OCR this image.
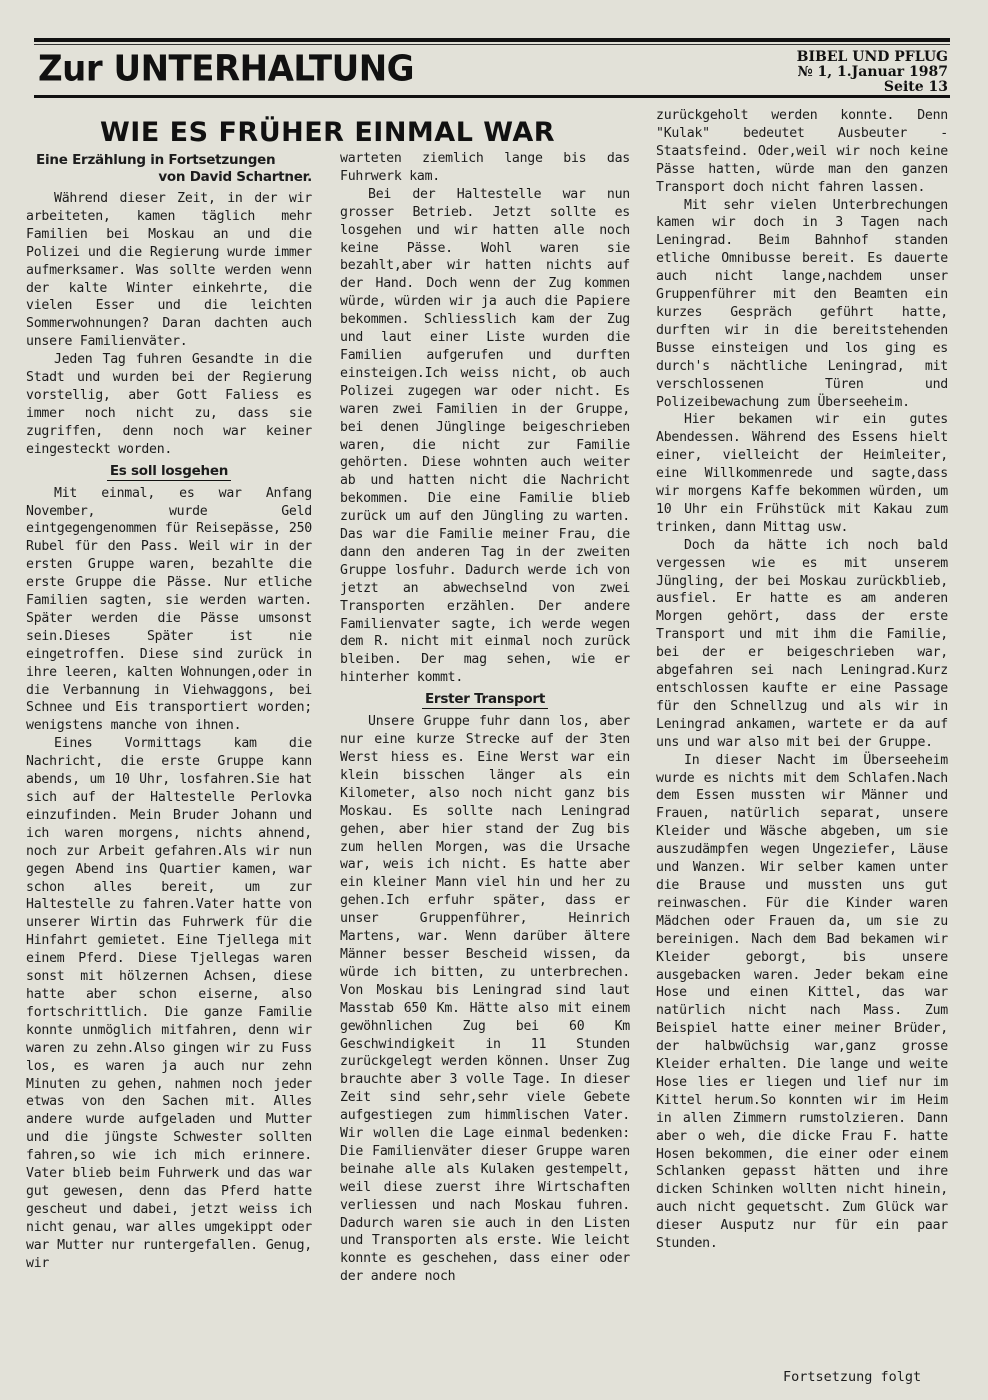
Zur UNTERHALTUNG	BIBEL UND PFLUG
№ 1, 1.Januar 1987
Seite 13
WIE ES FRÜHER EINMAL WAR
Eine Erzählung in Fortsetzungen
von David Schartner.

Während dieser Zeit, in der wir arbeiteten, kamen täglich mehr Familien bei Moskau an und die Polizei und die Regierung wurde immer aufmerksamer. Was sollte werden wenn der kalte Winter einkehrte, die vielen Esser und die leichten Sommerwohnungen? Daran dachten auch unsere Familienväter.

Jeden Tag fuhren Gesandte in die Stadt und wurden bei der Regierung vorstellig, aber Gott Faliess es immer noch nicht zu, dass sie zugriffen, denn noch war keiner eingesteckt worden.

Es soll losgehen

Mit einmal, es war Anfang November, wurde Geld eintgegengenommen für Reisepässe, 250 Rubel für den Pass. Weil wir in der ersten Gruppe waren, bezahlte die erste Gruppe die Pässe. Nur etliche Familien sagten, sie werden warten. Später werden die Pässe umsonst sein.Dieses Später ist nie eingetroffen. Diese sind zurück in ihre leeren, kalten Wohnungen,oder in die Verbannung in Viehwaggons, bei Schnee und Eis transportiert worden; wenigstens manche von ihnen.

Eines Vormittags kam die Nachricht, die erste Gruppe kann abends, um 10 Uhr, losfahren.Sie hat sich auf der Haltestelle Perlovka einzufinden. Mein Bruder Johann und ich waren morgens, nichts ahnend, noch zur Arbeit gefahren.Als wir nun gegen Abend ins Quartier kamen, war schon alles bereit, um zur Haltestelle zu fahren.Vater hatte von unserer Wirtin das Fuhrwerk für die Hinfahrt gemietet. Eine Tjellega mit einem Pferd. Diese Tjellegas waren sonst mit hölzernen Achsen, diese hatte aber schon eiserne, also fortschrittlich. Die ganze Familie konnte unmöglich mitfahren, denn wir waren zu zehn.Also gingen wir zu Fuss los, es waren ja auch nur zehn Minuten zu gehen, nahmen noch jeder etwas von den Sachen mit. Alles andere wurde aufgeladen und Mutter und die jüngste Schwester sollten fahren,so wie ich mich erinnere. Vater blieb beim Fuhrwerk und das war gut gewesen, denn das Pferd hatte gescheut und dabei, jetzt weiss ich nicht genau, war alles umgekippt oder war Mutter nur runtergefallen. Genug, wir

warteten ziemlich lange bis das Fuhrwerk kam.

Bei der Haltestelle war nun grosser Betrieb. Jetzt sollte es losgehen und wir hatten alle noch keine Pässe. Wohl waren sie bezahlt,aber wir hatten nichts auf der Hand. Doch wenn der Zug kommen würde, würden wir ja auch die Papiere bekommen. Schliesslich kam der Zug und laut einer Liste wurden die Familien aufgerufen und durften einsteigen.Ich weiss nicht, ob auch Polizei zugegen war oder nicht. Es waren zwei Familien in der Gruppe, bei denen Jünglinge beigeschrieben waren, die nicht zur Familie gehörten. Diese wohnten auch weiter ab und hatten nicht die Nachricht bekommen. Die eine Familie blieb zurück um auf den Jüngling zu warten. Das war die Familie meiner Frau, die dann den anderen Tag in der zweiten Gruppe losfuhr. Dadurch werde ich von jetzt an abwechselnd von zwei Transporten erzählen. Der andere Familienvater sagte, ich werde wegen dem R. nicht mit einmal noch zurück bleiben. Der mag sehen, wie er hinterher kommt.

Erster Transport

Unsere Gruppe fuhr dann los, aber nur eine kurze Strecke auf der 3ten Werst hiess es. Eine Werst war ein klein bisschen länger als ein Kilometer, also noch nicht ganz bis Moskau. Es sollte nach Leningrad gehen, aber hier stand der Zug bis zum hellen Morgen, was die Ursache war, weis ich nicht. Es hatte aber ein kleiner Mann viel hin und her zu gehen.Ich erfuhr später, dass er unser Gruppenführer, Heinrich Martens, war. Wenn darüber ältere Männer besser Bescheid wissen, da würde ich bitten, zu unterbrechen. Von Moskau bis Leningrad sind laut Masstab 650 Km. Hätte also mit einem gewöhnlichen Zug bei 60 Km Geschwindigkeit in 11 Stunden zurückgelegt werden können. Unser Zug brauchte aber 3 volle Tage. In dieser Zeit sind sehr,sehr viele Gebete aufgestiegen zum himmlischen Vater. Wir wollen die Lage einmal bedenken: Die Familienväter dieser Gruppe waren beinahe alle als Kulaken gestempelt, weil diese zuerst ihre Wirtschaften verliessen und nach Moskau fuhren. Dadurch waren sie auch in den Listen und Transporten als erste. Wie leicht konnte es geschehen, dass einer oder der andere noch

zurückgeholt werden konnte. Denn "Kulak" bedeutet Ausbeuter - Staatsfeind. Oder,weil wir noch keine Pässe hatten, würde man den ganzen Transport doch nicht fahren lassen.

Mit sehr vielen Unterbrechungen kamen wir doch in 3 Tagen nach Leningrad. Beim Bahnhof standen etliche Omnibusse bereit. Es dauerte auch nicht lange,nachdem unser Gruppenführer mit den Beamten ein kurzes Gespräch geführt hatte, durften wir in die bereitstehenden Busse einsteigen und los ging es durch's nächtliche Leningrad, mit verschlossenen Türen und Polizeibewachung zum Überseeheim.

Hier bekamen wir ein gutes Abendessen. Während des Essens hielt einer, vielleicht der Heimleiter, eine Willkommenrede und sagte,dass wir morgens Kaffe bekommen würden, um 10 Uhr ein Frühstück mit Kakau zum trinken, dann Mittag usw.

Doch da hätte ich noch bald vergessen wie es mit unserem Jüngling, der bei Moskau zurückblieb, ausfiel. Er hatte es am anderen Morgen gehört, dass der erste Transport und mit ihm die Familie, bei der er beigeschrieben war, abgefahren sei nach Leningrad.Kurz entschlossen kaufte er eine Passage für den Schnellzug und als wir in Leningrad ankamen, wartete er da auf uns und war also mit bei der Gruppe.

In dieser Nacht im Überseeheim wurde es nichts mit dem Schlafen.Nach dem Essen mussten wir Männer und Frauen, natürlich separat, unsere Kleider und Wäsche abgeben, um sie auszudämpfen wegen Ungeziefer, Läuse und Wanzen. Wir selber kamen unter die Brause und mussten uns gut reinwaschen. Für die Kinder waren Mädchen oder Frauen da, um sie zu bereinigen. Nach dem Bad bekamen wir Kleider geborgt, bis unsere ausgebacken waren. Jeder bekam eine Hose und einen Kittel, das war natürlich nicht nach Mass. Zum Beispiel hatte einer meiner Brüder, der halbwüchsig war,ganz grosse Kleider erhalten. Die lange und weite Hose lies er liegen und lief nur im Kittel herum.So konnten wir im Heim in allen Zimmern rumstolzieren. Dann aber o weh, die dicke Frau F. hatte Hosen bekommen, die einer oder einem Schlanken gepasst hätten und ihre dicken Schinken wollten nicht hinein, auch nicht gequetscht. Zum Glück war dieser Ausputz nur für ein paar Stunden.

Fortsetzung folgt
